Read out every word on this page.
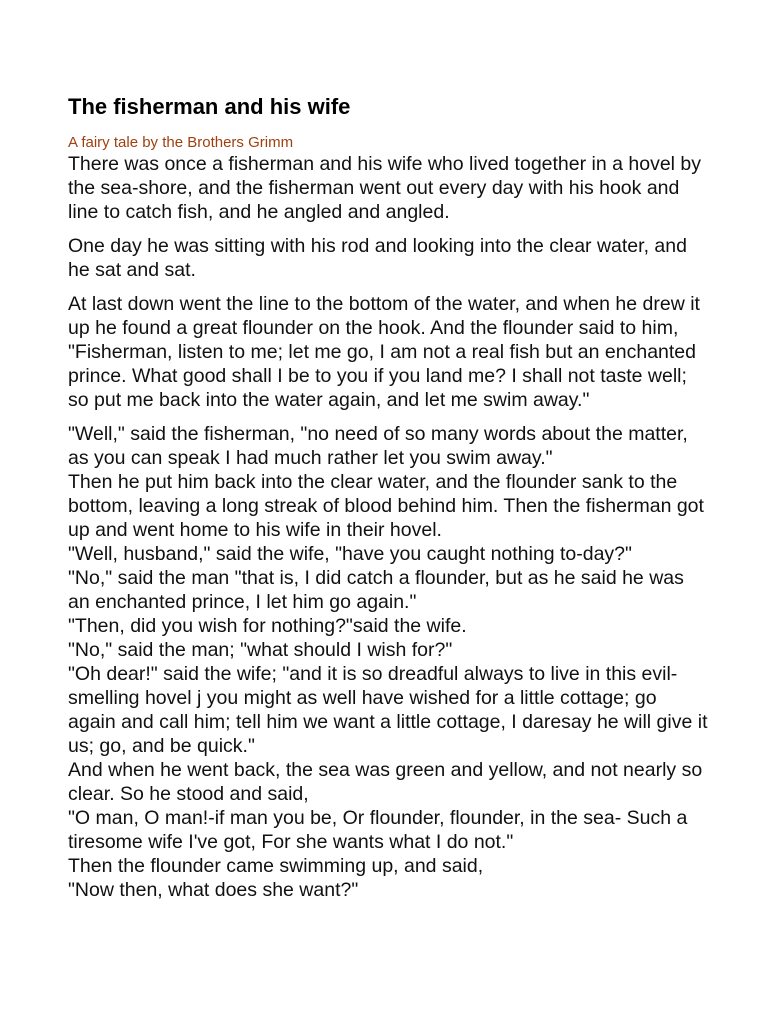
The fisherman and his wife

A fairy tale by the Brothers Grimm

There was once a fisherman and his wife who lived together in a hovel by the sea-shore, and the fisherman went out every day with his hook and line to catch fish, and he angled and angled.

One day he was sitting with his rod and looking into the clear water, and he sat and sat.

At last down went the line to the bottom of the water, and when he drew it up he found a great flounder on the hook. And the flounder said to him, "Fisherman, listen to me; let me go, I am not a real fish but an enchanted prince. What good shall I be to you if you land me? I shall not taste well; so put me back into the water again, and let me swim away."

"Well," said the fisherman, "no need of so many words about the matter, as you can speak I had much rather let you swim away."

Then he put him back into the clear water, and the flounder sank to the bottom, leaving a long streak of blood behind him. Then the fisherman got up and went home to his wife in their hovel.

"Well, husband," said the wife, "have you caught nothing to-day?"

"No," said the man "that is, I did catch a flounder, but as he said he was an enchanted prince, I let him go again."

"Then, did you wish for nothing?"said the wife.

"No," said the man; "what should I wish for?"

"Oh dear!" said the wife; "and it is so dreadful always to live in this evil-smelling hovel j you might as well have wished for a little cottage; go again and call him; tell him we want a little cottage, I daresay he will give it us; go, and be quick."

And when he went back, the sea was green and yellow, and not nearly so clear. So he stood and said,

"O man, O man!-if man you be, Or flounder, flounder, in the sea- Such a tiresome wife I've got, For she wants what I do not."

Then the flounder came swimming up, and said,

"Now then, what does she want?"
